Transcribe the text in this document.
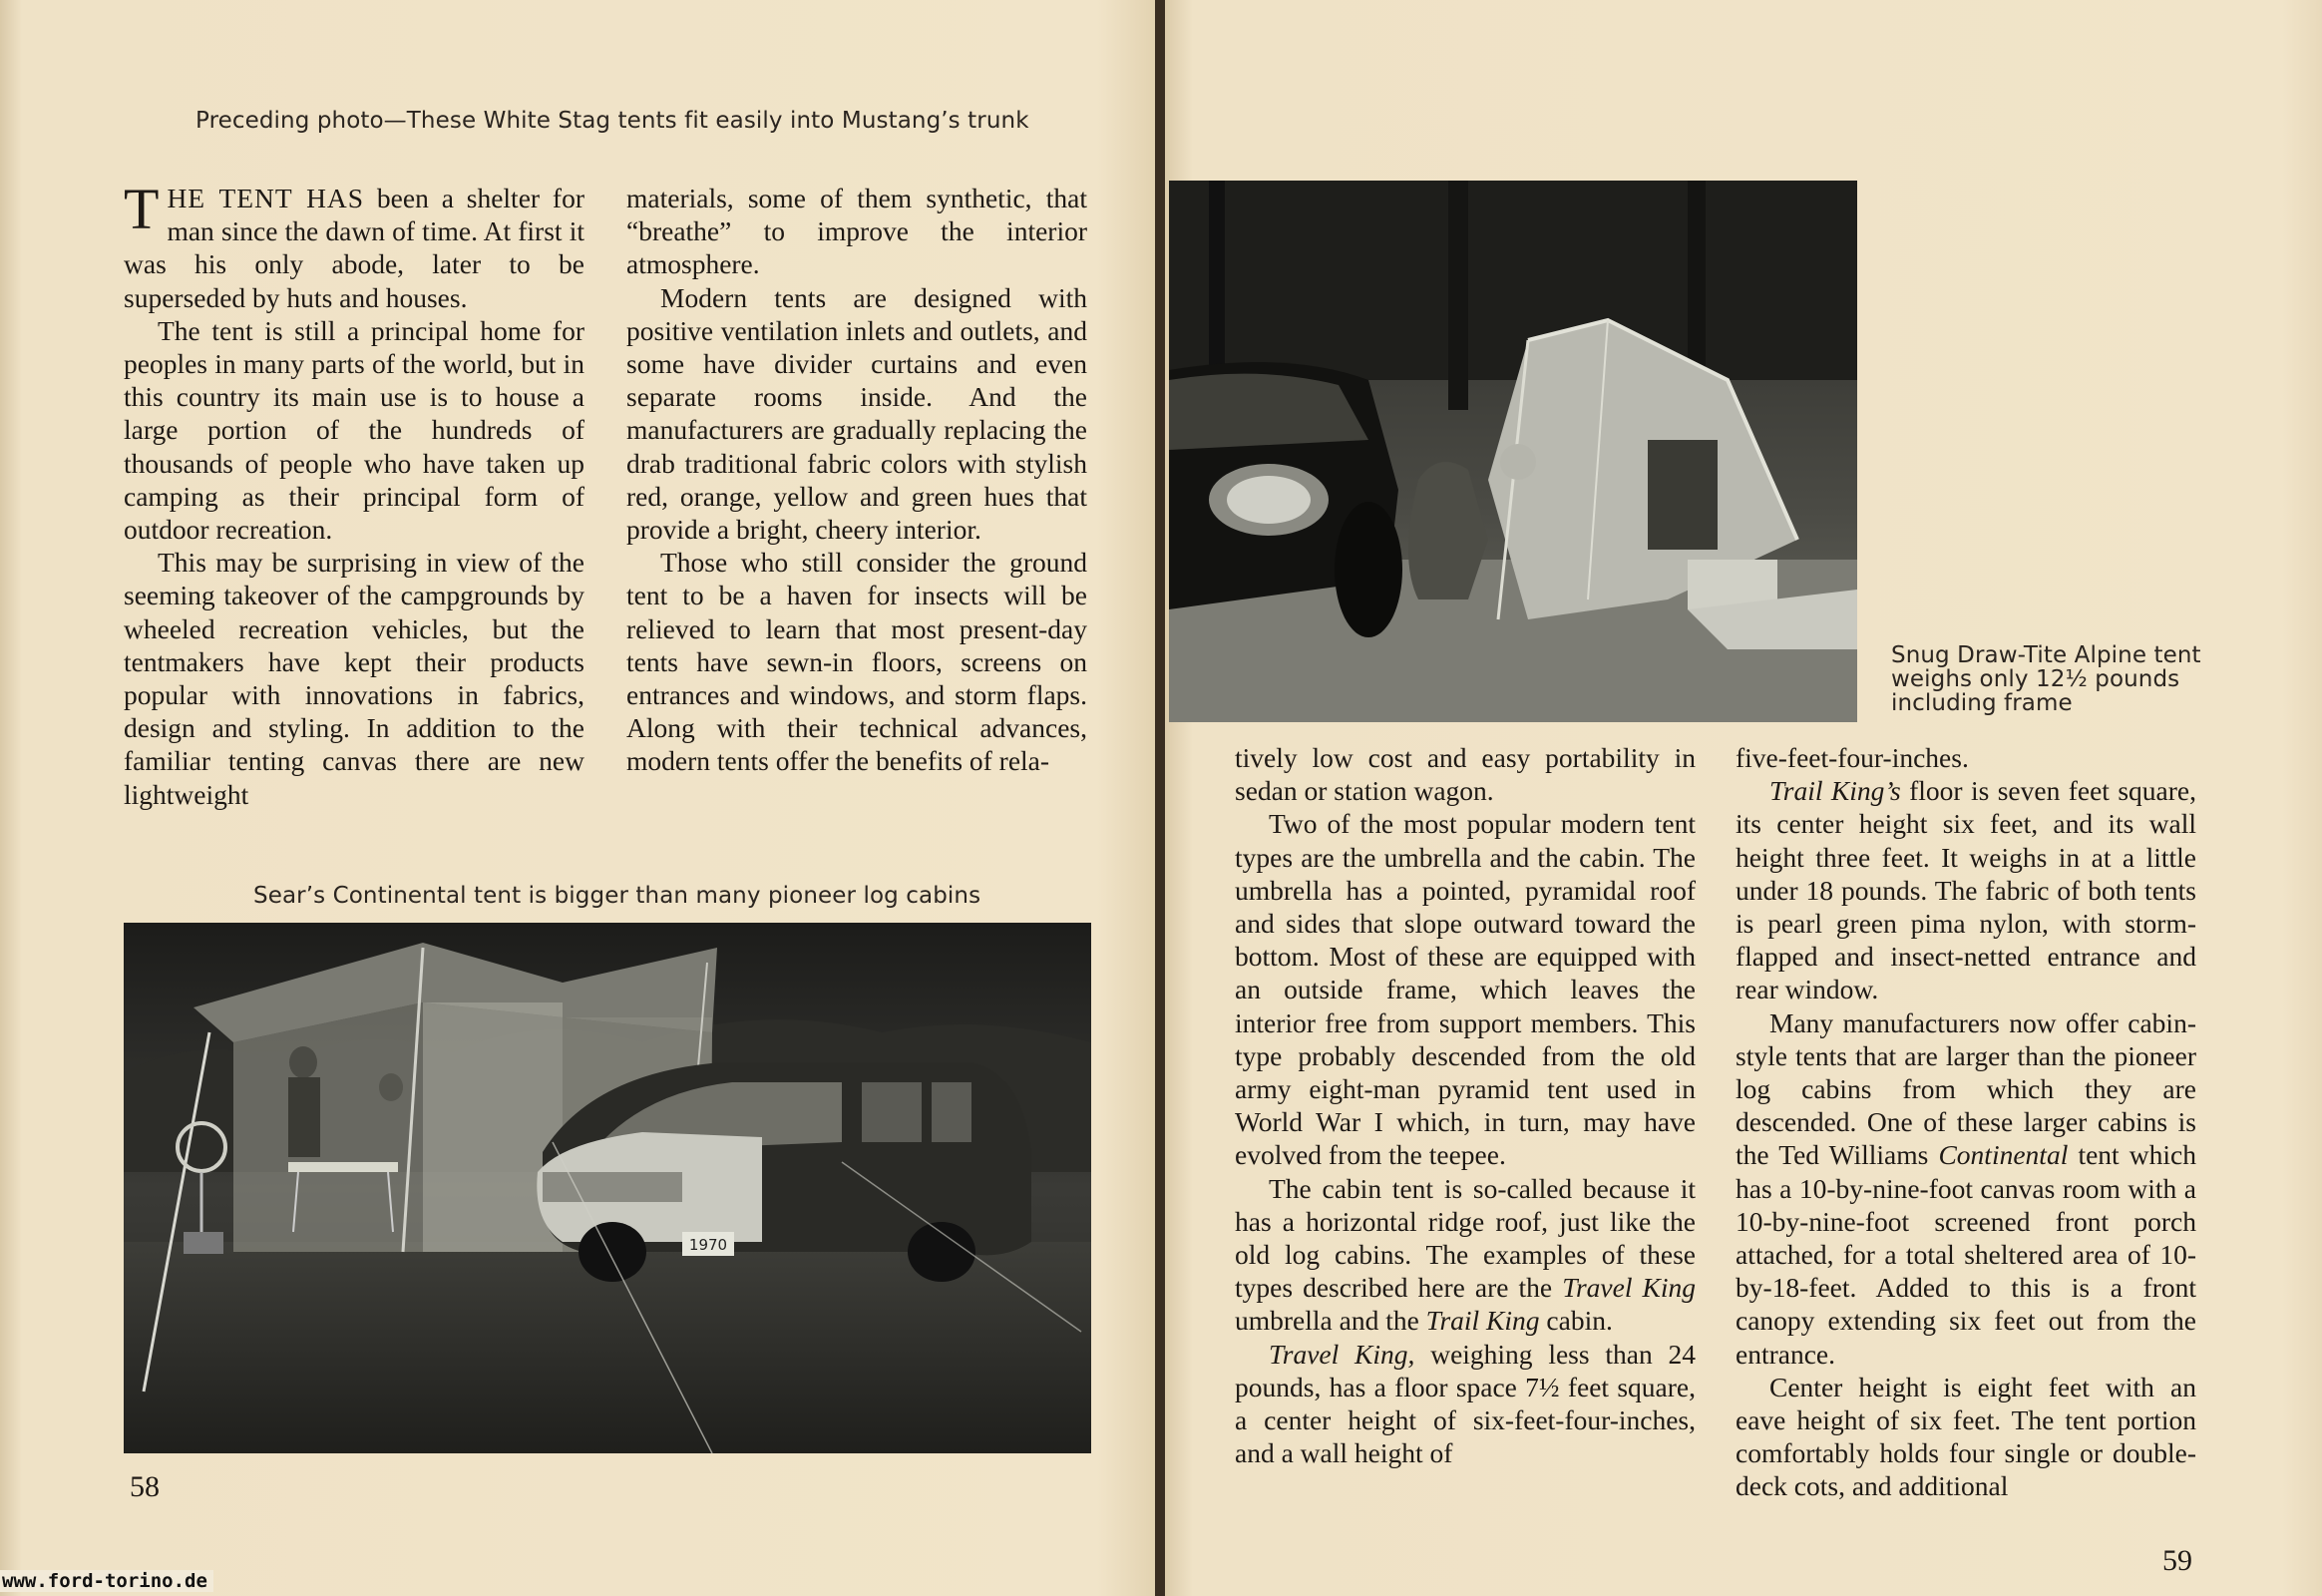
Preceding photo—These White Stag tents fit easily into Mustang’s trunk

THE TENT HAS been a shelter for man since the dawn of time. At first it was his only abode, later to be superseded by huts and houses.

The tent is still a principal home for peoples in many parts of the world, but in this country its main use is to house a large portion of the hundreds of thousands of people who have taken up camping as their principal form of outdoor recreation.

This may be surprising in view of the seeming takeover of the campgrounds by wheeled recreation vehicles, but the tentmakers have kept their products popular with innovations in fabrics, design and styling. In addition to the familiar tenting canvas there are new lightweight

materials, some of them synthetic, that “breathe” to improve the interior atmosphere.

Modern tents are designed with positive ventilation inlets and outlets, and some have divider curtains and even separate rooms inside. And the manufacturers are gradually replacing the drab traditional fabric colors with stylish red, orange, yellow and green hues that provide a bright, cheery interior.

Those who still consider the ground tent to be a haven for insects will be relieved to learn that most present-day tents have sewn-in floors, screens on entrances and windows, and storm flaps. Along with their technical advances, modern tents offer the benefits of rela-

Sear’s Continental tent is bigger than many pioneer log cabins
1970
58
Snug Draw-Tite Alpine tent weighs only 12½ pounds including frame

tively low cost and easy portability in sedan or station wagon.

Two of the most popular modern tent types are the umbrella and the cabin. The umbrella has a pointed, pyramidal roof and sides that slope outward toward the bottom. Most of these are equipped with an outside frame, which leaves the interior free from support members. This type probably descended from the old army eight-man pyramid tent used in World War I which, in turn, may have evolved from the teepee.

The cabin tent is so-called because it has a horizontal ridge roof, just like the old log cabins. The examples of these types described here are the Travel King umbrella and the Trail King cabin.

Travel King, weighing less than 24 pounds, has a floor space 7½ feet square, a center height of six-feet-four-inches, and a wall height of

five-feet-four-inches.

Trail King’s floor is seven feet square, its center height six feet, and its wall height three feet. It weighs in at a little under 18 pounds. The fabric of both tents is pearl green pima nylon, with storm-flapped and insect-netted entrance and rear window.

Many manufacturers now offer cabin-style tents that are larger than the pioneer log cabins from which they are descended. One of these larger cabins is the Ted Williams Continental tent which has a 10-by-nine-foot canvas room with a 10-by-nine-foot screened front porch attached, for a total sheltered area of 10-by-18-feet. Added to this is a front canopy extending six feet out from the entrance.

Center height is eight feet with an eave height of six feet. The tent portion comfortably holds four single or double-deck cots, and additional

59
www.ford-torino.de
